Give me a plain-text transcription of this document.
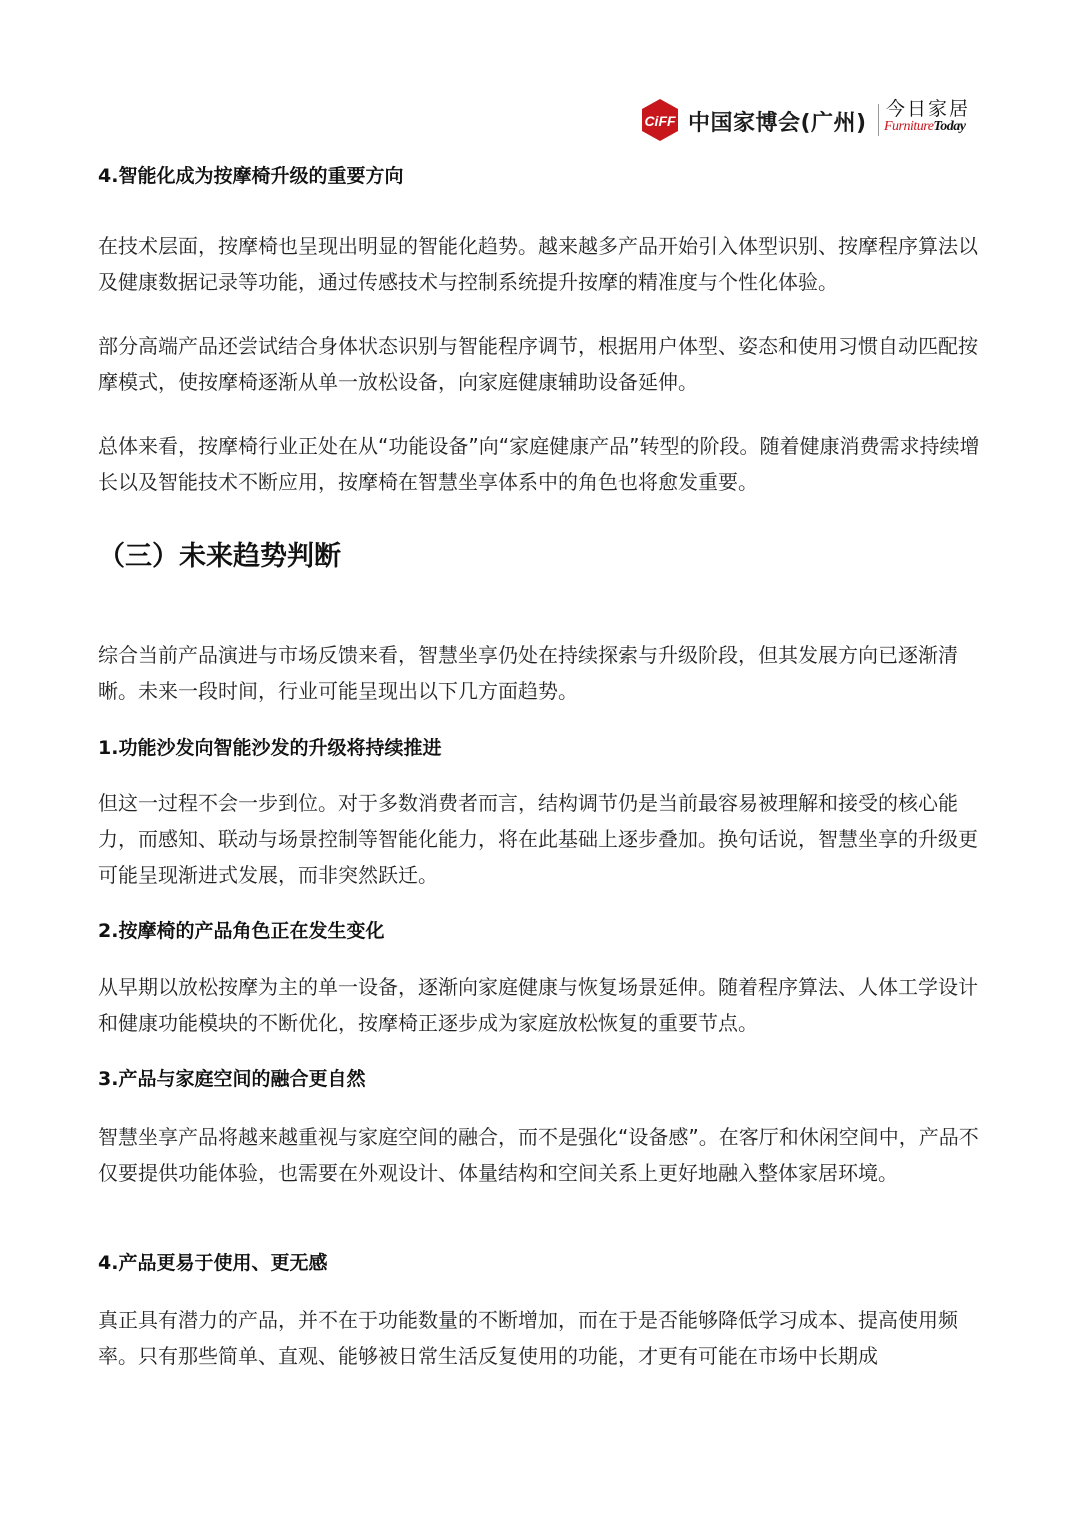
CiFF 中国家博会(广州)
今日家居
FurnitureToday
4.智能化成为按摩椅升级的重要方向
在技术层面，按摩椅也呈现出明显的智能化趋势。越来越多产品开始引入体型识别、按摩程序算法以及健康数据记录等功能，通过传感技术与控制系统提升按摩的精准度与个性化体验。
部分高端产品还尝试结合身体状态识别与智能程序调节，根据用户体型、姿态和使用习惯自动匹配按摩模式，使按摩椅逐渐从单一放松设备，向家庭健康辅助设备延伸。
总体来看，按摩椅行业正处在从“功能设备”向“家庭健康产品”转型的阶段。随着健康消费需求持续增长以及智能技术不断应用，按摩椅在智慧坐享体系中的角色也将愈发重要。
（三）未来趋势判断
综合当前产品演进与市场反馈来看，智慧坐享仍处在持续探索与升级阶段，但其发展方向已逐渐清晰。未来一段时间，行业可能呈现出以下几方面趋势。
1.功能沙发向智能沙发的升级将持续推进
但这一过程不会一步到位。对于多数消费者而言，结构调节仍是当前最容易被理解和接受的核心能力，而感知、联动与场景控制等智能化能力，将在此基础上逐步叠加。换句话说，智慧坐享的升级更可能呈现渐进式发展，而非突然跃迁。
2.按摩椅的产品角色正在发生变化
从早期以放松按摩为主的单一设备，逐渐向家庭健康与恢复场景延伸。随着程序算法、人体工学设计和健康功能模块的不断优化，按摩椅正逐步成为家庭放松恢复的重要节点。
3.产品与家庭空间的融合更自然
智慧坐享产品将越来越重视与家庭空间的融合，而不是强化“设备感”。在客厅和休闲空间中，产品不仅要提供功能体验，也需要在外观设计、体量结构和空间关系上更好地融入整体家居环境。
4.产品更易于使用、更无感
真正具有潜力的产品，并不在于功能数量的不断增加，而在于是否能够降低学习成本、提高使用频率。只有那些简单、直观、能够被日常生活反复使用的功能，才更有可能在市场中长期成
